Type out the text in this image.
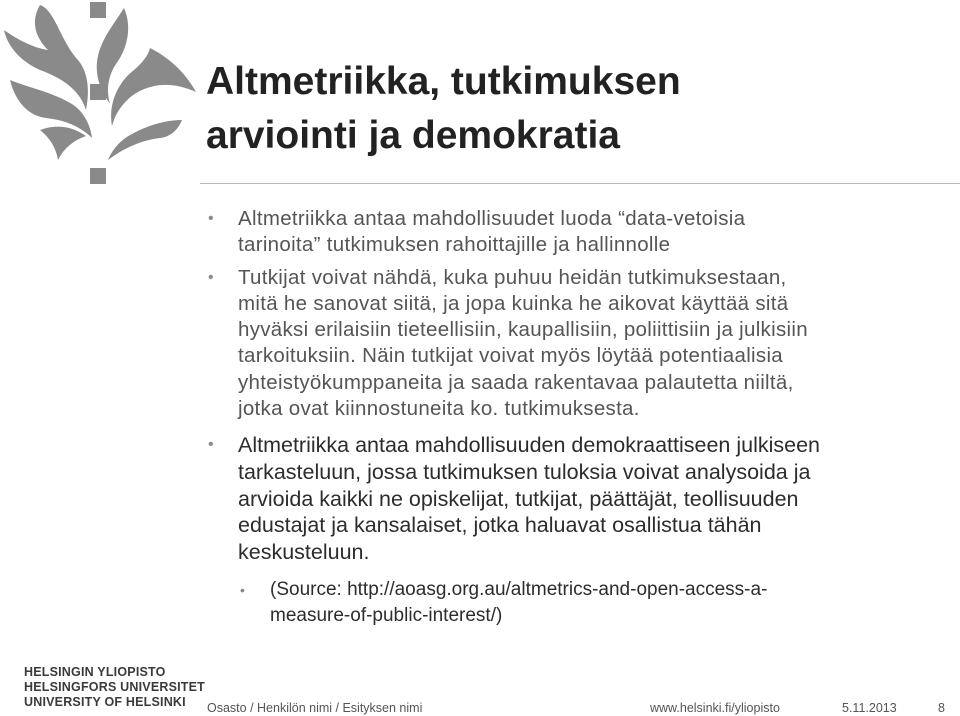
Altmetriikka, tutkimuksen
arviointi ja demokratia
• Altmetriikka antaa mahdollisuudet luoda “data-vetoisia
tarinoita” tutkimuksen rahoittajille ja hallinnolle
• Tutkijat voivat nähdä, kuka puhuu heidän tutkimuksestaan,
mitä he sanovat siitä, ja jopa kuinka he aikovat käyttää sitä
hyväksi erilaisiin tieteellisiin, kaupallisiin, poliittisiin ja julkisiin
tarkoituksiin. Näin tutkijat voivat myös löytää potentiaalisia
yhteistyökumppaneita ja saada rakentavaa palautetta niiltä,
jotka ovat kiinnostuneita ko. tutkimuksesta.
• Altmetriikka antaa mahdollisuuden demokraattiseen julkiseen
tarkasteluun, jossa tutkimuksen tuloksia voivat analysoida ja
arvioida kaikki ne opiskelijat, tutkijat, päättäjät, teollisuuden
edustajat ja kansalaiset, jotka haluavat osallistua tähän
keskusteluun.
• (Source: http://aoasg.org.au/altmetrics-and-open-access-a-
measure-of-public-interest/)
HELSINGIN YLIOPISTO
HELSINGFORS UNIVERSITET
UNIVERSITY OF HELSINKI	Osasto / Henkilön nimi / Esityksen nimi	www.helsinki.fi/yliopisto	5.11.2013	8
